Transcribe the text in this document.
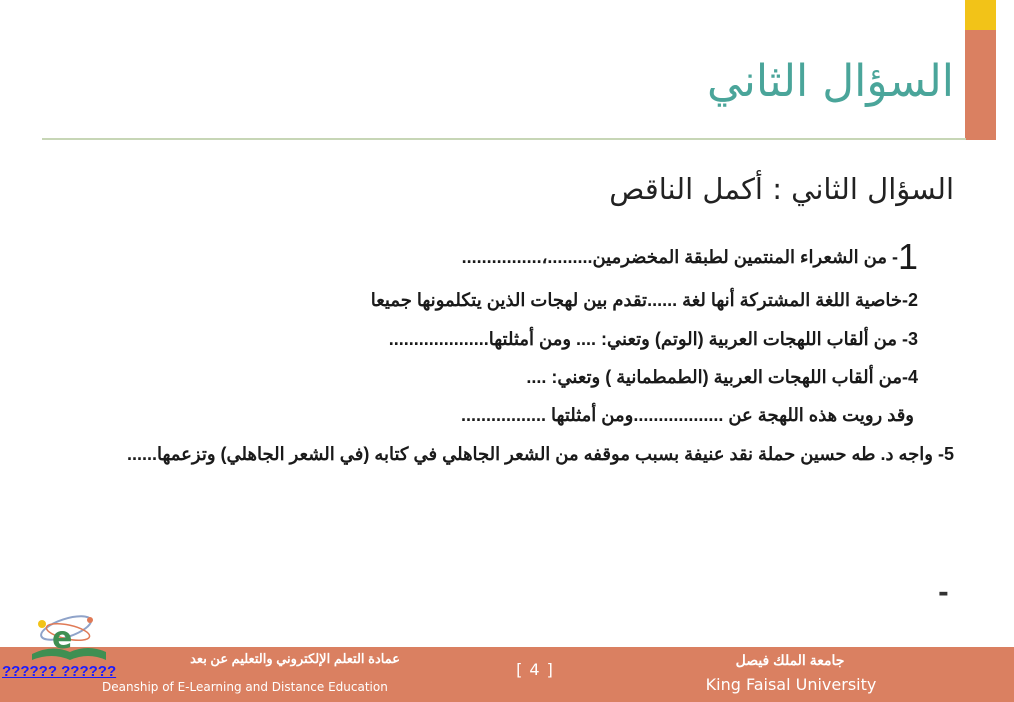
السؤال الثاني
السؤال الثاني : أكمل الناقص
1- من الشعراء المنتمين لطبقة المخضرمين.........،................
2-خاصية اللغة المشتركة أنها لغة ......تقدم بين لهجات الذين يتكلمونها جميعا
3- من ألقاب اللهجات العربية (الوتم) وتعني: .... ومن أمثلتها....................
4-من ألقاب اللهجات العربية (الطمطمانية ) وتعني: ....
وقد رويت هذه اللهجة عن ..................ومن أمثلتها .................
5- واجه د. طه حسين حملة نقد عنيفة بسبب موقفه من الشعر الجاهلي في كتابه (في الشعر الجاهلي) وتزعمها......
-
جامعة الملك فيصل
King Faisal University
[ 4 ]
عمادة التعلم الإلكتروني والتعليم عن بعد
Deanship of E-Learning and Distance Education
e
?????? ??????
